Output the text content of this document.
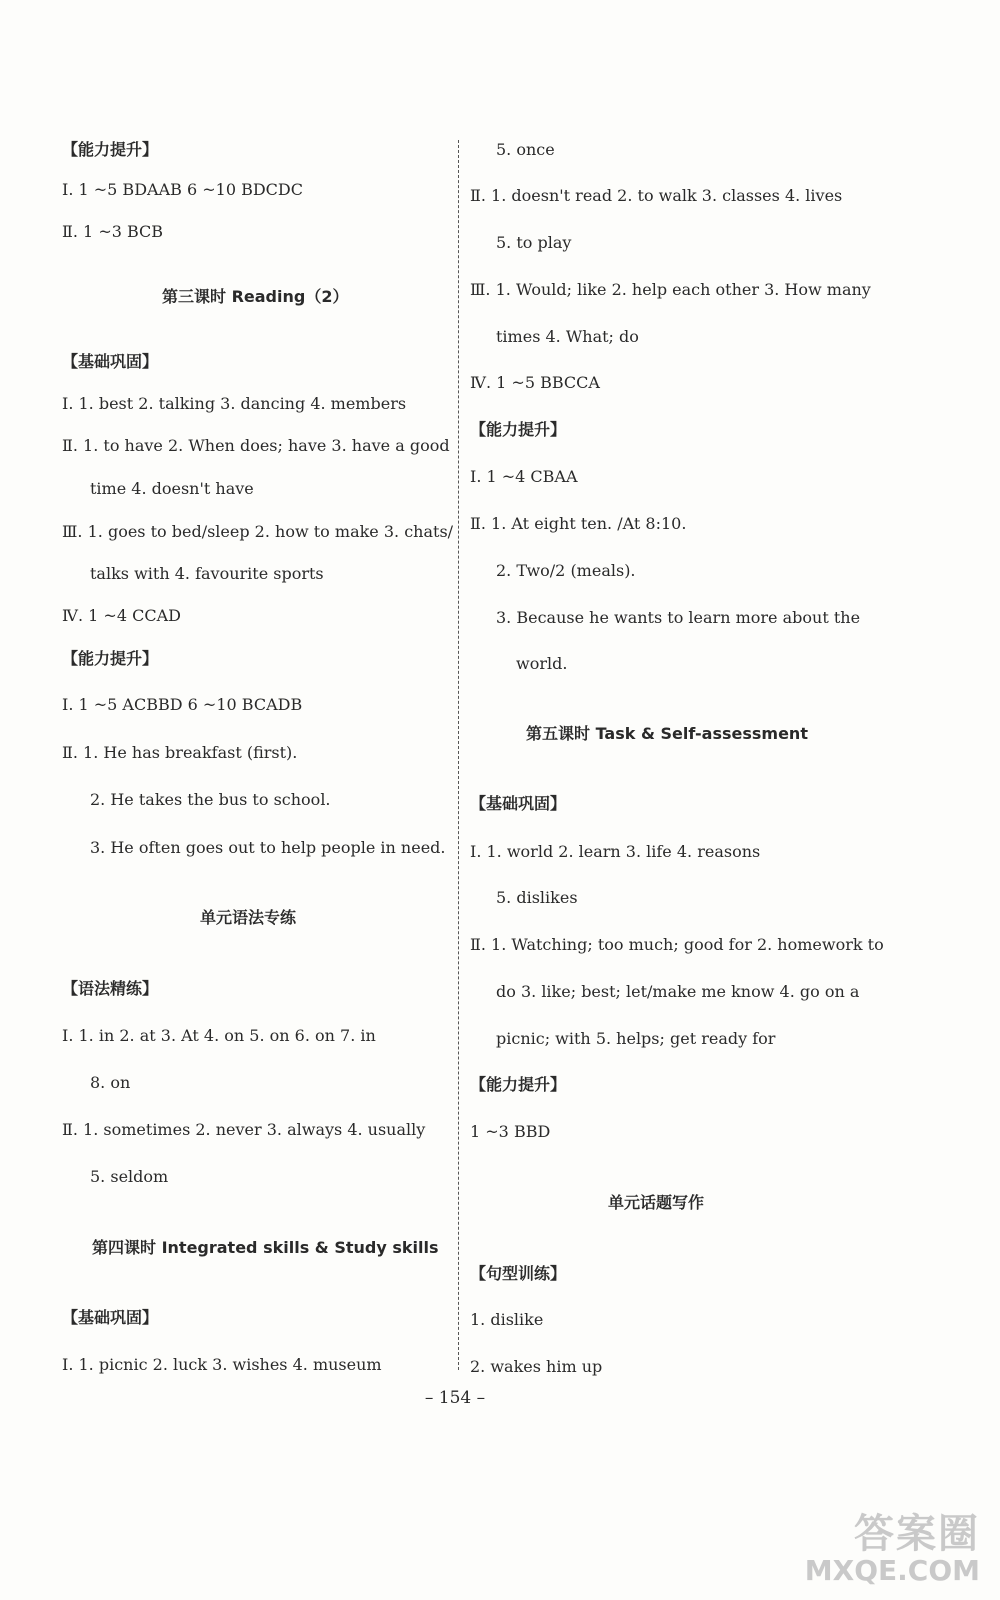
【能力提升】
Ⅰ. 1 ~5 BDAAB 6 ~10 BDCDC
Ⅱ. 1 ~3 BCB
第三课时 Reading（2）
【基础巩固】
Ⅰ. 1. best 2. talking 3. dancing 4. members
Ⅱ. 1. to have 2. When does; have 3. have a good
time 4. doesn't have
Ⅲ. 1. goes to bed/sleep 2. how to make 3. chats/
talks with 4. favourite sports
Ⅳ. 1 ~4 CCAD
【能力提升】
Ⅰ. 1 ~5 ACBBD 6 ~10 BCADB
Ⅱ. 1. He has breakfast (first).
2. He takes the bus to school.
3. He often goes out to help people in need.
单元语法专练
【语法精练】
Ⅰ. 1. in 2. at 3. At 4. on 5. on 6. on 7. in
8. on
Ⅱ. 1. sometimes 2. never 3. always 4. usually
5. seldom
第四课时 Integrated skills & Study skills
【基础巩固】
Ⅰ. 1. picnic 2. luck 3. wishes 4. museum
5. once
Ⅱ. 1. doesn't read 2. to walk 3. classes 4. lives
5. to play
Ⅲ. 1. Would; like 2. help each other 3. How many
times 4. What; do
Ⅳ. 1 ~5 BBCCA
【能力提升】
Ⅰ. 1 ~4 CBAA
Ⅱ. 1. At eight ten. /At 8:10.
2. Two/2 (meals).
3. Because he wants to learn more about the
world.
第五课时 Task & Self-assessment
【基础巩固】
Ⅰ. 1. world 2. learn 3. life 4. reasons
5. dislikes
Ⅱ. 1. Watching; too much; good for 2. homework to
do 3. like; best; let/make me know 4. go on a
picnic; with 5. helps; get ready for
【能力提升】
1 ~3 BBD
单元话题写作
【句型训练】
1. dislike
2. wakes him up
– 154 –
答案圈
MXQE.COM
